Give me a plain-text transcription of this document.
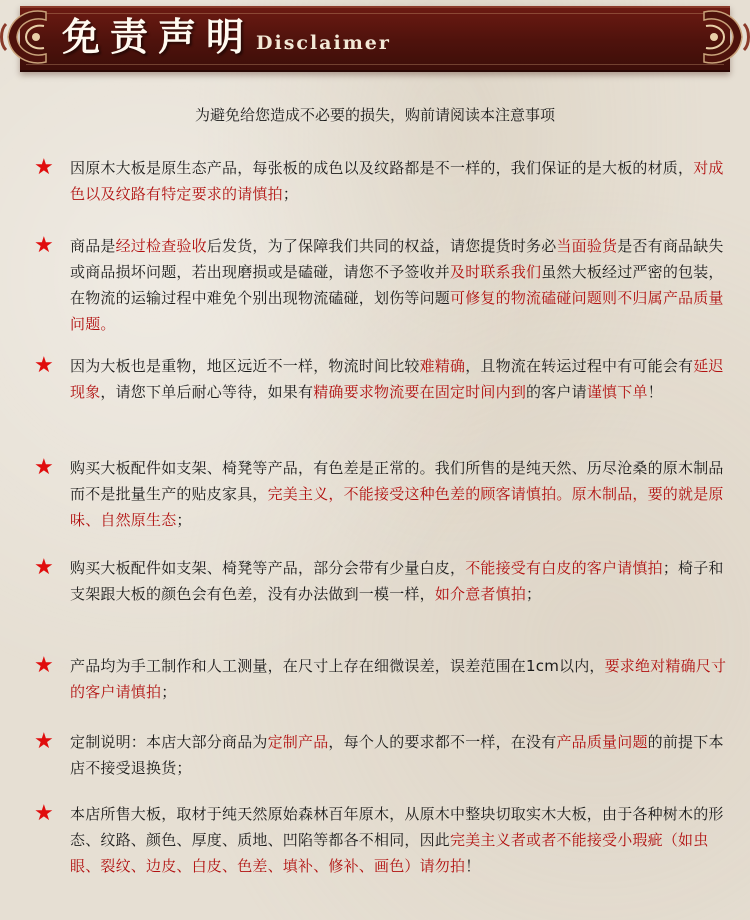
免责声明 Disclaimer
为避免给您造成不必要的损失，购前请阅读本注意事项
★ 因原木大板是原生态产品，每张板的成色以及纹路都是不一样的，我们保证的是大板的材质，对成色以及纹路有特定要求的请慎拍；
★ 商品是经过检查验收后发货，为了保障我们共同的权益，请您提货时务必当面验货是否有商品缺失或商品损坏问题，若出现磨损或是磕碰，请您不予签收并及时联系我们虽然大板经过严密的包装，在物流的运输过程中难免个别出现物流磕碰，划伤等问题可修复的物流磕碰问题则不归属产品质量问题。
★ 因为大板也是重物，地区远近不一样，物流时间比较难精确，且物流在转运过程中有可能会有延迟现象，请您下单后耐心等待，如果有精确要求物流要在固定时间内到的客户请谨慎下单！
★ 购买大板配件如支架、椅凳等产品，有色差是正常的。我们所售的是纯天然、历尽沧桑的原木制品而不是批量生产的贴皮家具，完美主义，不能接受这种色差的顾客请慎拍。原木制品，要的就是原味、自然原生态；
★ 购买大板配件如支架、椅凳等产品，部分会带有少量白皮，不能接受有白皮的客户请慎拍；椅子和支架跟大板的颜色会有色差，没有办法做到一模一样，如介意者慎拍；
★ 产品均为手工制作和人工测量，在尺寸上存在细微误差，误差范围在1cm以内，要求绝对精确尺寸的客户请慎拍；
★ 定制说明：本店大部分商品为定制产品，每个人的要求都不一样，在没有产品质量问题的前提下本店不接受退换货；
★ 本店所售大板，取材于纯天然原始森林百年原木，从原木中整块切取实木大板，由于各种树木的形态、纹路、颜色、厚度、质地、凹陷等都各不相同，因此完美主义者或者不能接受小瑕疵（如虫眼、裂纹、边皮、白皮、色差、填补、修补、画色）请勿拍！
